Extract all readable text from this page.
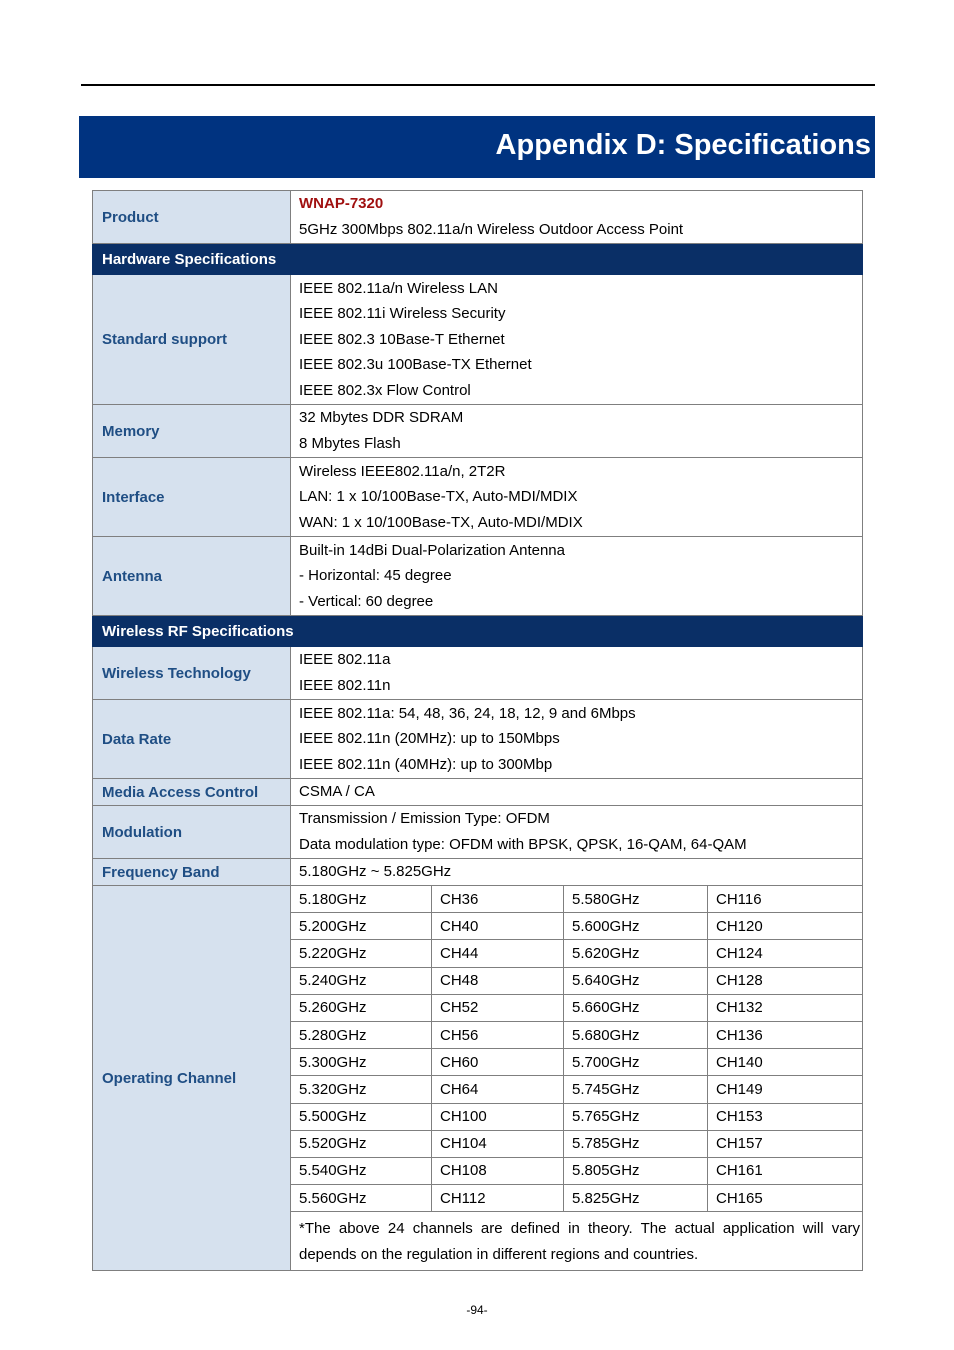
Appendix D: Specifications
Product	WNAP-7320
5GHz 300Mbps 802.11a/n Wireless Outdoor Access Point			

Hardware Specifications				
Standard support	IEEE 802.11a/n Wireless LAN
IEEE 802.11i Wireless Security
IEEE 802.3 10Base-T Ethernet
IEEE 802.3u 100Base-TX Ethernet
IEEE 802.3x Flow Control			

Memory	32 Mbytes DDR SDRAM
8 Mbytes Flash			

Interface	Wireless IEEE802.11a/n, 2T2R
LAN: 1 x 10/100Base-TX, Auto-MDI/MDIX
WAN: 1 x 10/100Base-TX, Auto-MDI/MDIX			

Antenna	Built-in 14dBi Dual-Polarization Antenna
- Horizontal: 45 degree
- Vertical: 60 degree			

Wireless RF Specifications				
Wireless Technology	IEEE 802.11a
IEEE 802.11n			

Data Rate	IEEE 802.11a: 54, 48, 36, 24, 18, 12, 9 and 6Mbps
IEEE 802.11n (20MHz): up to 150Mbps
IEEE 802.11n (40MHz): up to 300Mbp			

Media Access Control	CSMA / CA			
Modulation	Transmission / Emission Type: OFDM
Data modulation type: OFDM with BPSK, QPSK, 16-QAM, 64-QAM			

Frequency Band	5.180GHz ~ 5.825GHz			
Operating Channel	5.180GHz	CH36	5.580GHz	CH116
	5.200GHz	CH40	5.600GHz	CH120
	5.220GHz	CH44	5.620GHz	CH124
	5.240GHz	CH48	5.640GHz	CH128
	5.260GHz	CH52	5.660GHz	CH132
	5.280GHz	CH56	5.680GHz	CH136
	5.300GHz	CH60	5.700GHz	CH140
	5.320GHz	CH64	5.745GHz	CH149
	5.500GHz	CH100	5.765GHz	CH153
	5.520GHz	CH104	5.785GHz	CH157
	5.540GHz	CH108	5.805GHz	CH161
	5.560GHz	CH112	5.825GHz	CH165
	*The above 24 channels are defined in theory. The actual application will vary depends on the regulation in different regions and countries.			
-94-
